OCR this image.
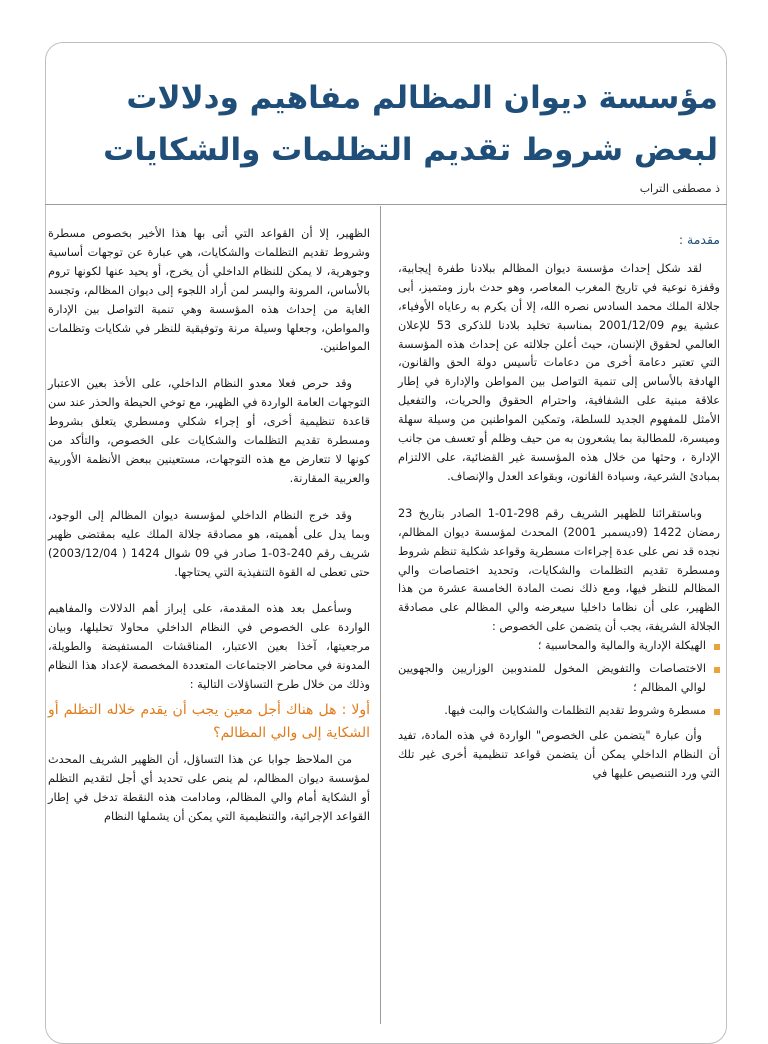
مؤسسة ديوان المظالم مفاهيم ودلالات لبعض شروط تقديم التظلمات والشكايات
ذ مصطفى التراب
مقدمة :

لقد شكل إحداث مؤسسة ديوان المظالم ببلادنا طفرة إيجابية، وقفزة نوعية في تاريخ المغرب المعاصر، وهو حدث بارز ومتميز، أبى جلالة الملك محمد السادس نصره الله، إلا أن يكرم به رعاياه الأوفياء، عشية يوم 2001/12/09 بمناسبة تخليد بلادنا للذكرى 53 للإعلان العالمي لحقوق الإنسان، حيث أعلن جلالته عن إحداث هذه المؤسسة التي تعتبر دعامة أخرى من دعامات تأسيس دولة الحق والقانون، الهادفة بالأساس إلى تنمية التواصل بين المواطن والإدارة في إطار علاقة مبنية على الشفافية، واحترام الحقوق والحريات، والتفعيل الأمثل للمفهوم الجديد للسلطة، وتمكين المواطنين من وسيلة سهلة وميسرة، للمطالبة بما يشعرون به من حيف وظلم أو تعسف من جانب الإدارة ، وحثها من خلال هذه المؤسسة غير القضائية، على الالتزام بمبادئ الشرعية، وسيادة القانون، وبقواعد العدل والإنصاف.

وباستقرائنا للظهير الشريف رقم 298-01-1 الصادر بتاريخ 23 رمضان 1422 (9ديسمبر 2001) المحدث لمؤسسة ديوان المظالم، نجده قد نص على عدة إجراءات مسطرية وقواعد شكلية تنظم شروط ومسطرة تقديم التظلمات والشكايات، وتحديد اختصاصات والي المظالم للنظر فيها، ومع ذلك نصت المادة الخامسة عشرة من هذا الظهير، على أن نظاما داخليا سيعرضه والي المظالم على مصادقة الجلالة الشريفة، يجب أن يتضمن على الخصوص :

الهيكلة الإدارية والمالية والمحاسبية ؛
الاختصاصات والتفويض المخول للمندوبين الوزاريين والجهويين لوالي المظالم ؛
مسطرة وشروط تقديم التظلمات والشكايات والبت فيها.

وأن عبارة "يتضمن على الخصوص" الواردة في هذه المادة، تفيد أن النظام الداخلي يمكن أن يتضمن قواعد تنظيمية أخرى غير تلك التي ورد التنصيص عليها في

الظهير، إلا أن القواعد التي أتى بها هذا الأخير بخصوص مسطرة وشروط تقديم التظلمات والشكايات، هي عبارة عن توجهات أساسية وجوهرية، لا يمكن للنظام الداخلي أن يخرج، أو يحيد عنها لكونها تروم بالأساس، المرونة واليسر لمن أراد اللجوء إلى ديوان المظالم، وتجسد الغاية من إحداث هذه المؤسسة وهي تنمية التواصل بين الإدارة والمواطن، وجعلها وسيلة مرنة وتوفيقية للنظر في شكايات وتظلمات المواطنين.

وقد حرص فعلا معدو النظام الداخلي، على الأخذ بعين الاعتبار التوجهات العامة الواردة في الظهير، مع توخي الحيطة والحذر عند سن قاعدة تنظيمية أخرى، أو إجراء شكلي ومسطري يتعلق بشروط ومسطرة تقديم التظلمات والشكايات على الخصوص، والتأكد من كونها لا تتعارض مع هذه التوجهات، مستعينين ببعض الأنظمة الأوربية والعربية المقارنة.

وقد خرج النظام الداخلي لمؤسسة ديوان المظالم إلى الوجود، وبما يدل على أهميته، هو مصادقة جلالة الملك عليه بمقتضى ظهير شريف رقم 240-03-1 صادر في 09 شوال 1424 ( 2003/12/04) حتى تعطى له القوة التنفيذية التي يحتاجها.

وسأعمل بعد هذه المقدمة، على إبراز أهم الدلالات والمفاهيم الواردة على الخصوص في النظام الداخلي محاولا تحليلها، وبيان مرجعيتها، آخذا بعين الاعتبار، المناقشات المستفيضة والطويلة، المدونة في محاضر الاجتماعات المتعددة المخصصة لإعداد هذا النظام وذلك من خلال طرح التساؤلات التالية :

أولا : هل هناك أجل معين يجب أن يقدم خلاله التظلم أو الشكاية إلى والي المظالم؟

من الملاحظ جوابا عن هذا التساؤل، أن الظهير الشريف المحدث لمؤسسة ديوان المظالم، لم ينص على تحديد أي أجل لتقديم التظلم أو الشكاية أمام والي المظالم، ومادامت هذه النقطة تدخل في إطار القواعد الإجرائية، والتنظيمية التي يمكن أن يشملها النظام
